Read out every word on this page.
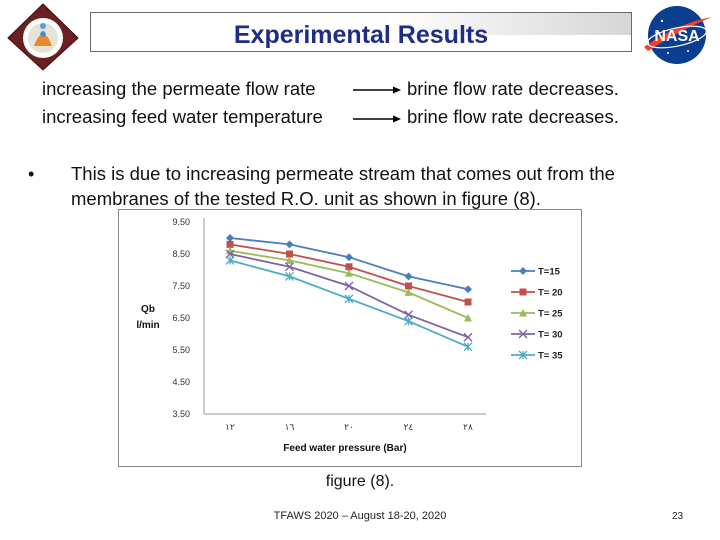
Experimental Results	NASA
increasing the permeate flow rate	brine flow rate decreases.
increasing feed water temperature	brine flow rate decreases.
• This is due to increasing permeate stream that comes out from the
membranes of the tested R.O. unit as shown in figure (8).
9.50
8.50
7.50
6.50
5.50
4.50
3.50
١٢	١٦	٢٠	٢٤	٢٨
Feed water pressure (Bar)
Qb
l/min
T=15
T= 20
T= 25
T= 30
T= 35
figure (8).
TFAWS 2020 – August 18-20, 2020	23
